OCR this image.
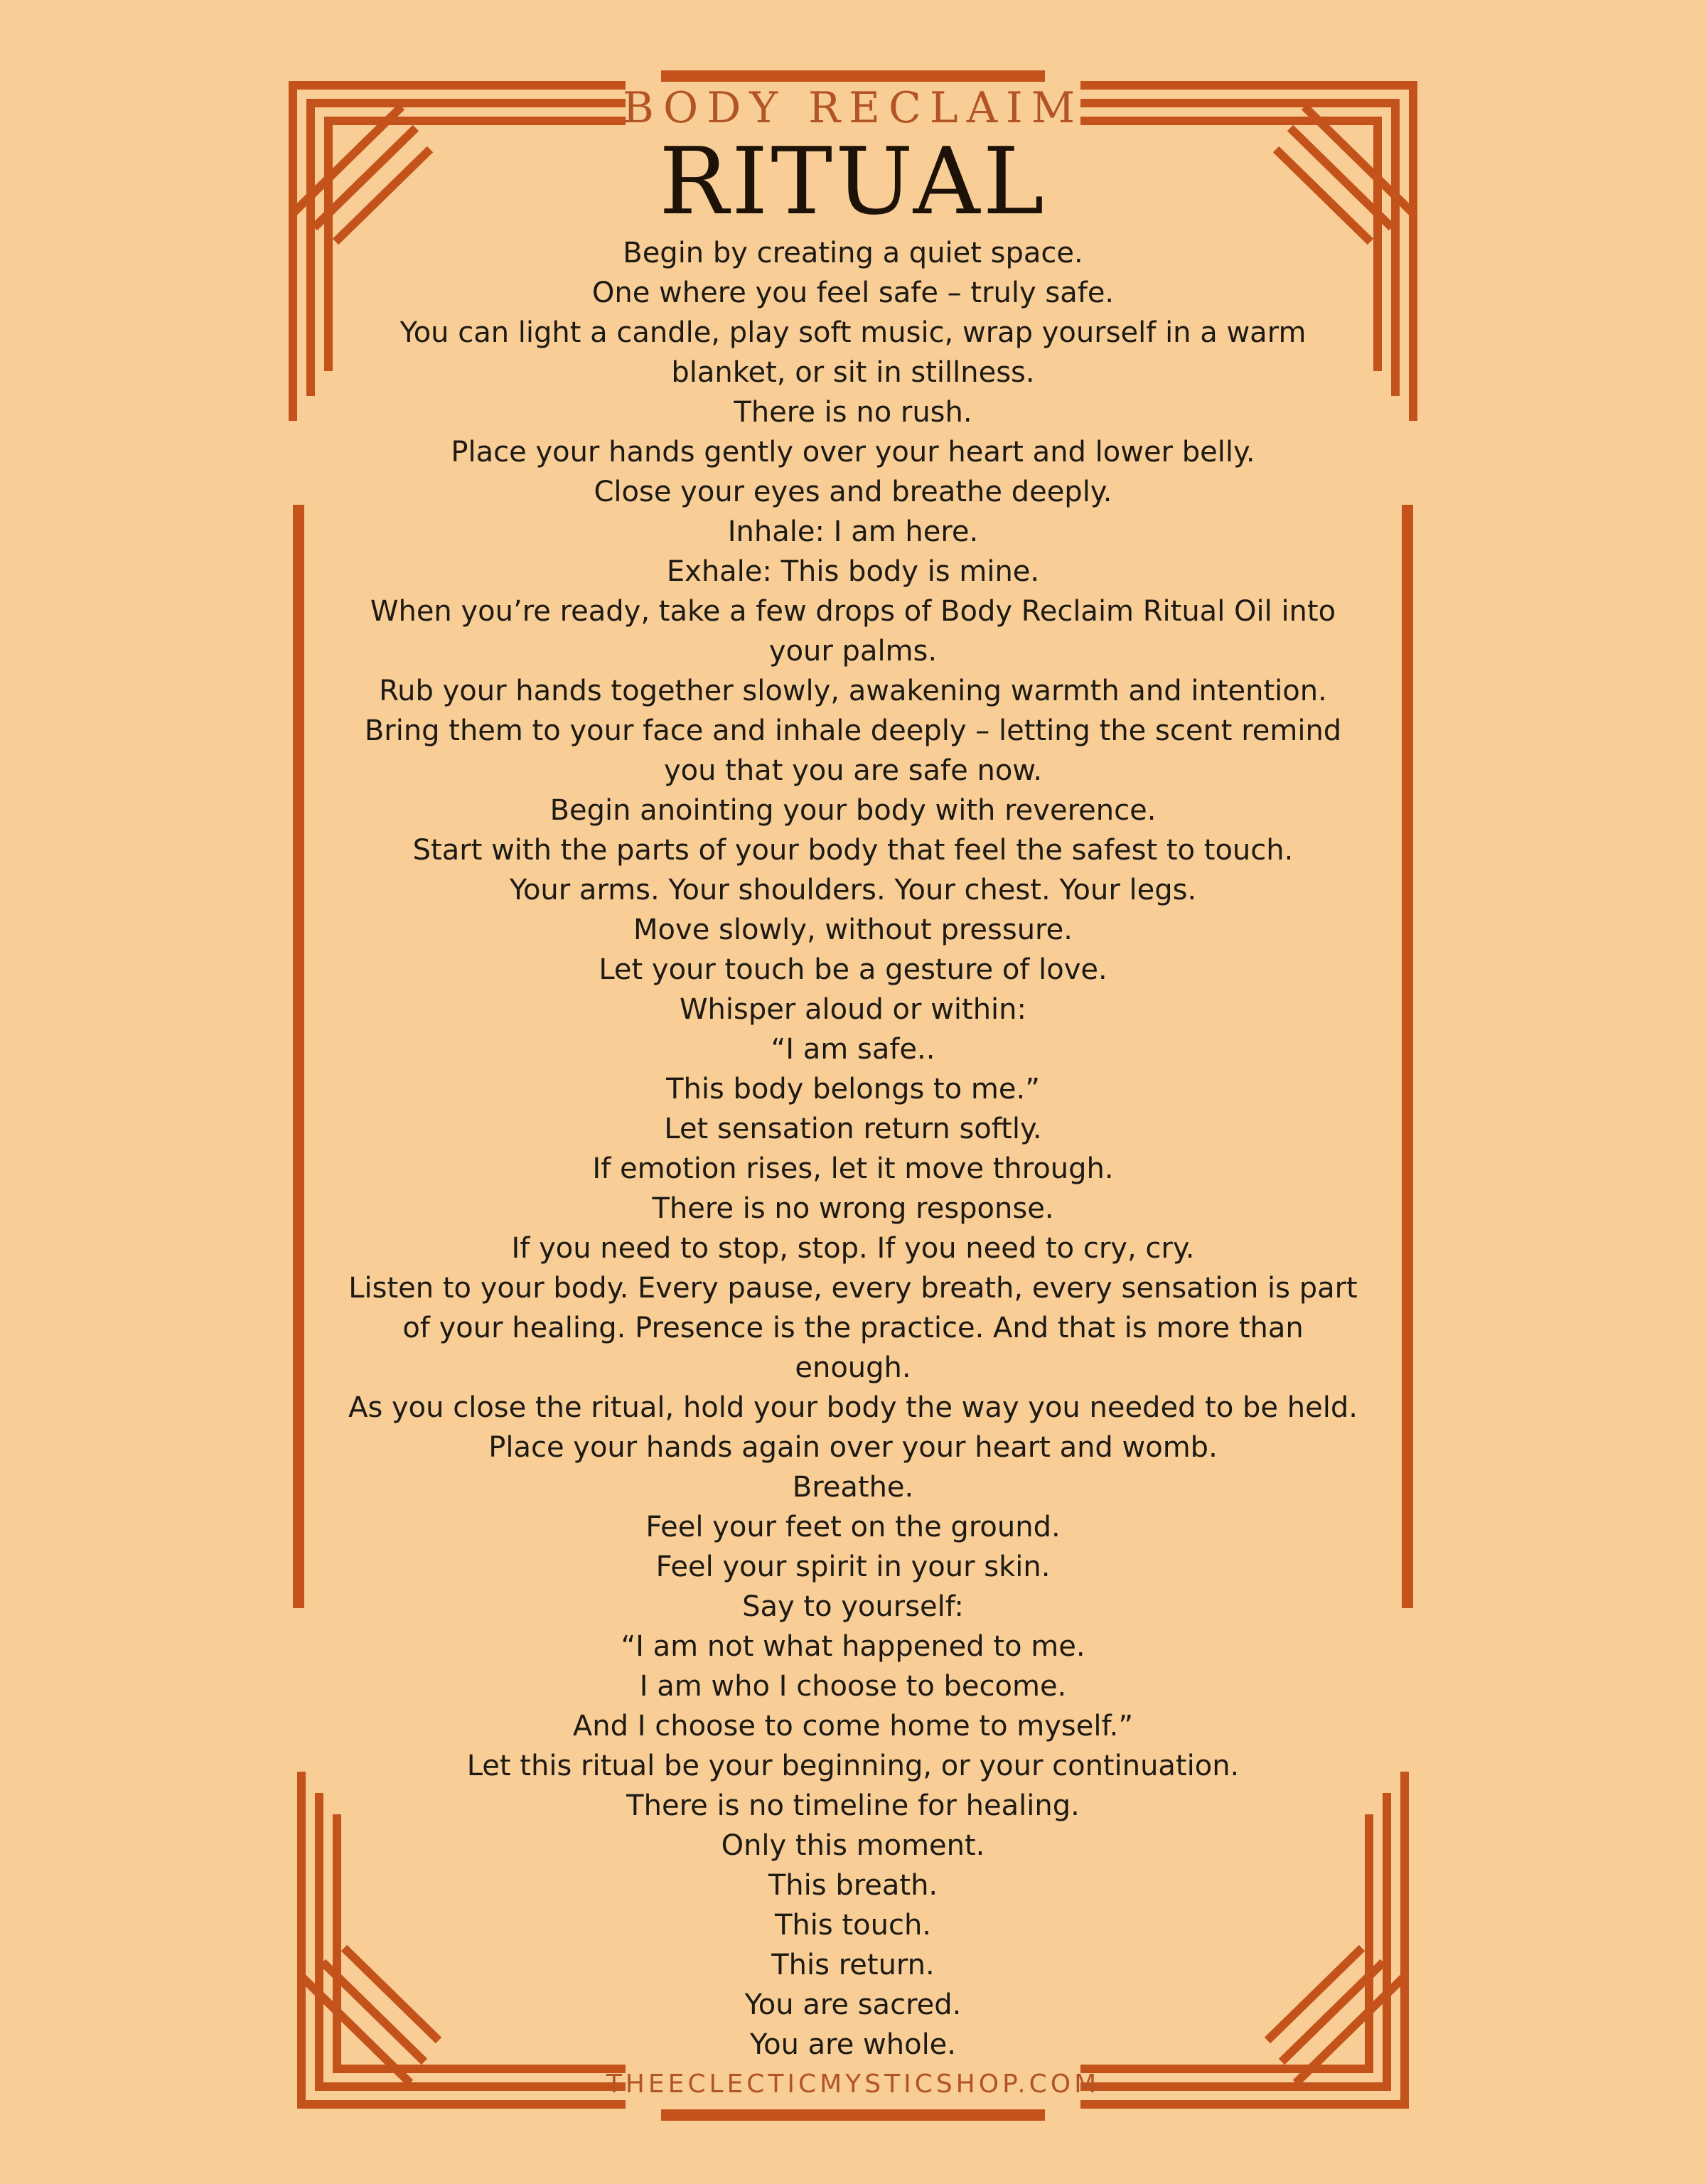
BODY RECLAIM
RITUAL
Begin by creating a quiet space.
One where you feel safe – truly safe.
You can light a candle, play soft music, wrap yourself in a warm
blanket, or sit in stillness.
There is no rush.
Place your hands gently over your heart and lower belly.
Close your eyes and breathe deeply.
Inhale: I am here.
Exhale: This body is mine.
When you’re ready, take a few drops of Body Reclaim Ritual Oil into
your palms.
Rub your hands together slowly, awakening warmth and intention.
Bring them to your face and inhale deeply – letting the scent remind
you that you are safe now.
Begin anointing your body with reverence.
Start with the parts of your body that feel the safest to touch.
Your arms. Your shoulders. Your chest. Your legs.
Move slowly, without pressure.
Let your touch be a gesture of love.
Whisper aloud or within:
“I am safe..
This body belongs to me.”
Let sensation return softly.
If emotion rises, let it move through.
There is no wrong response.
If you need to stop, stop. If you need to cry, cry.
Listen to your body. Every pause, every breath, every sensation is part
of your healing. Presence is the practice. And that is more than
enough.
As you close the ritual, hold your body the way you needed to be held.
Place your hands again over your heart and womb.
Breathe.
Feel your feet on the ground.
Feel your spirit in your skin.
Say to yourself:
“I am not what happened to me.
I am who I choose to become.
And I choose to come home to myself.”
Let this ritual be your beginning, or your continuation.
There is no timeline for healing.
Only this moment.
This breath.
This touch.
This return.
You are sacred.
You are whole.
THEECLECTICMYSTICSHOP.COM
